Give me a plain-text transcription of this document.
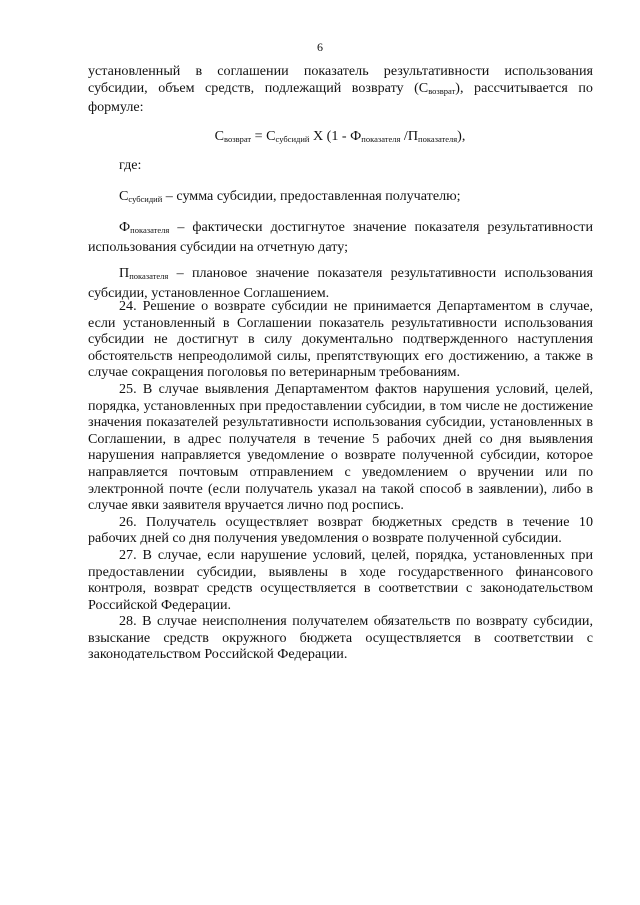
6

установленный в соглашении показатель результативности использования субсидии, объем средств, подлежащий возврату $(С_{возврат})$, рассчитывается по формуле:

$С_{возврат} = С_{субсидий}$ Х ($1 - Ф_{показателя}$ $/П_{показателя}$),
где:

$С_{субсидий}$ – сумма субсидии, предоставленная получателю;

$Ф_{показателя}$ – фактически достигнутое значение показателя результативности использования субсидии на отчетную дату;

$П_{показателя}$ – плановое значение показателя результативности использования субсидии, установленное Соглашением.

24. Решение о возврате субсидии не принимается Департаментом в случае, если установленный в Соглашении показатель результативности использования субсидии не достигнут в силу документально подтвержденного наступления обстоятельств непреодолимой силы, препятствующих его достижению, а также в случае сокращения поголовья по ветеринарным требованиям.

25. В случае выявления Департаментом фактов нарушения условий, целей, порядка, установленных при предоставлении субсидии, в том числе не достижение значения показателей результативности использования субсидии, установленных в Соглашении, в адрес получателя в течение 5 рабочих дней со дня выявления нарушения направляется уведомление о возврате полученной субсидии, которое направляется почтовым отправлением с уведомлением о вручении или по электронной почте (если получатель указал на такой способ в заявлении), либо в случае явки заявителя вручается лично под роспись.

26. Получатель осуществляет возврат бюджетных средств в течение 10 рабочих дней со дня получения уведомления о возврате полученной субсидии.

27. В случае, если нарушение условий, целей, порядка, установленных при предоставлении субсидии, выявлены в ходе государственного финансового контроля, возврат средств осуществляется в соответствии с законодательством Российской Федерации.

28. В случае неисполнения получателем обязательств по возврату субсидии, взыскание средств окружного бюджета осуществляется в соответствии с законодательством Российской Федерации.
